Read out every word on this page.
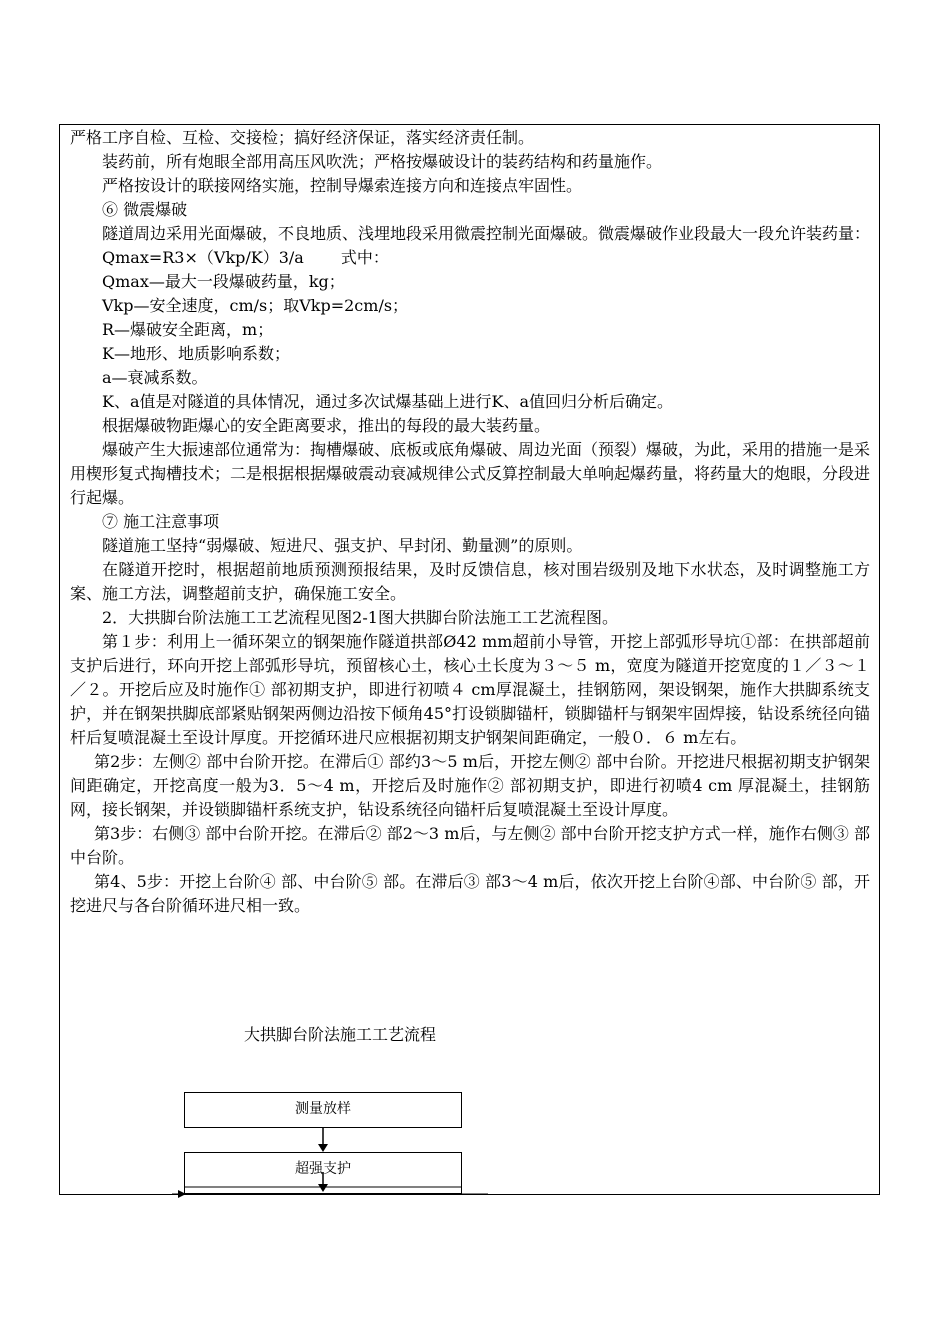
严格工序自检、互检、交接检；搞好经济保证，落实经济责任制。

装药前，所有炮眼全部用高压风吹洗；严格按爆破设计的装药结构和药量施作。

严格按设计的联接网络实施，控制导爆索连接方向和连接点牢固性。

⑥ 微震爆破

隧道周边采用光面爆破，不良地质、浅埋地段采用微震控制光面爆破。微震爆破作业段最大一段允许装药量：

Qmax=R3×（Vkp/K）3/a　　 式中：

Qmax—最大一段爆破药量，kg；

Vkp—安全速度，cm/s；取Vkp=2cm/s；

R—爆破安全距离，m；

K—地形、地质影响系数；

a—衰减系数。

K、a值是对隧道的具体情况，通过多次试爆基础上进行K、a值回归分析后确定。

根据爆破物距爆心的安全距离要求，推出的每段的最大装药量。

爆破产生大振速部位通常为：掏槽爆破、底板或底角爆破、周边光面（预裂）爆破，为此，采用的措施一是采用楔形复式掏槽技术；二是根据根据爆破震动衰减规律公式反算控制最大单响起爆药量，将药量大的炮眼，分段进行起爆。

⑦ 施工注意事项

隧道施工坚持“弱爆破、短进尺、强支护、早封闭、勤量测”的原则。

在隧道开挖时，根据超前地质预测预报结果，及时反馈信息，核对围岩级别及地下水状态，及时调整施工方案、施工方法，调整超前支护，确保施工安全。

2．大拱脚台阶法施工工艺流程见图2-1图大拱脚台阶法施工工艺流程图。

第１步：利用上一循环架立的钢架施作隧道拱部Ø42 mm超前小导管，开挖上部弧形导坑①部：在拱部超前支护后进行，环向开挖上部弧形导坑，预留核心土，核心土长度为３～５ m，宽度为隧道开挖宽度的１／３～１／２。开挖后应及时施作① 部初期支护，即进行初喷４ cm厚混凝土，挂钢筋网，架设钢架，施作大拱脚系统支护，并在钢架拱脚底部紧贴钢架两侧边沿按下倾角45°打设锁脚锚杆，锁脚锚杆与钢架牢固焊接，钻设系统径向锚杆后复喷混凝土至设计厚度。开挖循环进尺应根据初期支护钢架间距确定，一般０．６ m左右。

第2步：左侧② 部中台阶开挖。在滞后① 部约3～5 m后，开挖左侧② 部中台阶。开挖进尺根据初期支护钢架间距确定，开挖高度一般为3．5～4 m，开挖后及时施作② 部初期支护，即进行初喷4 cm 厚混凝土，挂钢筋网，接长钢架，并设锁脚锚杆系统支护，钻设系统径向锚杆后复喷混凝土至设计厚度。

第3步：右侧③ 部中台阶开挖。在滞后② 部2～3 m后，与左侧② 部中台阶开挖支护方式一样，施作右侧③ 部中台阶。

第4、5步：开挖上台阶④ 部、中台阶⑤ 部。在滞后③ 部3～4 m后，依次开挖上台阶④部、中台阶⑤ 部，开挖进尺与各台阶循环进尺相一致。

大拱脚台阶法施工工艺流程
测量放样
超强支护
